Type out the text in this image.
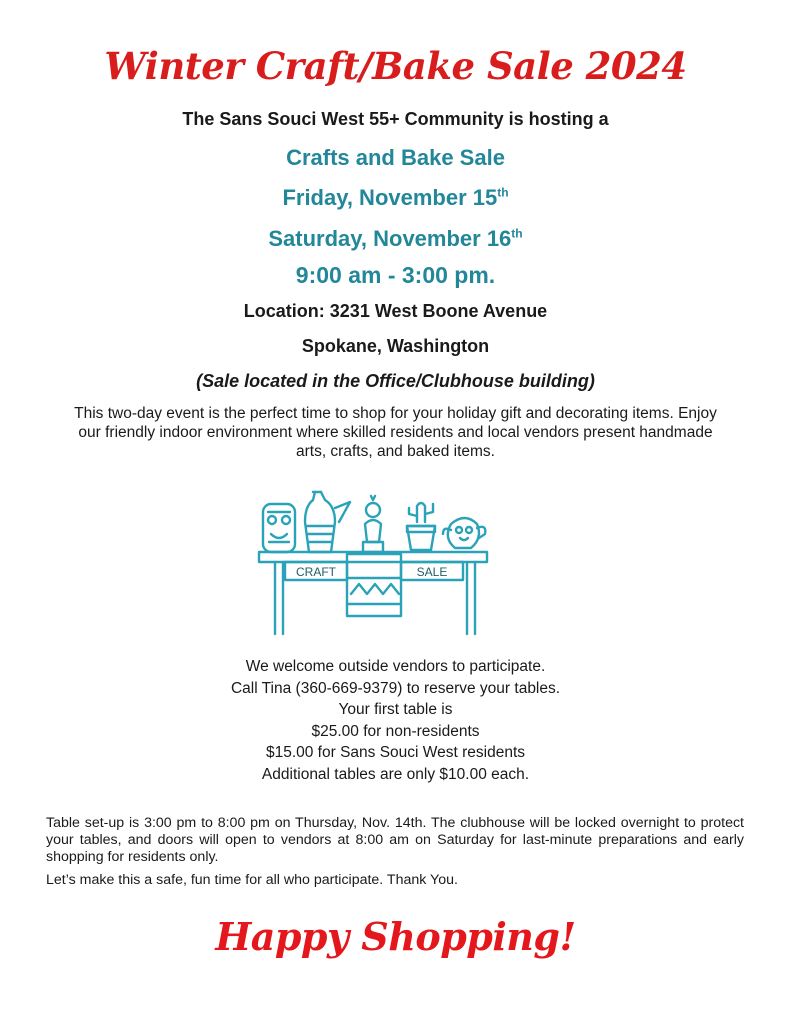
Winter Craft/Bake Sale 2024
The Sans Souci West 55+ Community is hosting a
Crafts and Bake Sale
Friday, November 15th
Saturday, November 16th
9:00 am - 3:00 pm.
Location: 3231 West Boone Avenue
Spokane, Washington
(Sale located in the Office/Clubhouse building)
This two-day event is the perfect time to shop for your holiday gift and decorating items. Enjoy our friendly indoor environment where skilled residents and local vendors present handmade arts, crafts, and baked items.
CRAFT	SALE
We welcome outside vendors to participate.
Call Tina (360-669-9379) to reserve your tables.
Your first table is
$25.00 for non-residents
$15.00 for Sans Souci West residents
Additional tables are only $10.00 each.
Table set-up is 3:00 pm to 8:00 pm on Thursday, Nov. 14th. The clubhouse will be locked overnight to protect your tables, and doors will open to vendors at 8:00 am on Saturday for last-minute preparations and early shopping for residents only.
Let’s make this a safe, fun time for all who participate. Thank You.
Happy Shopping!
